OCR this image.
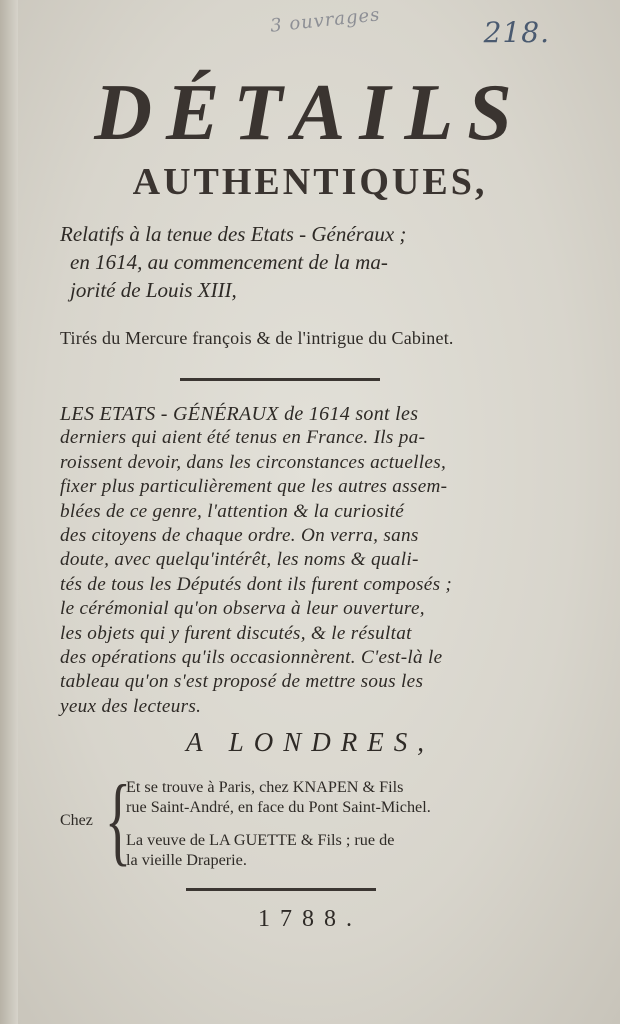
3 ouvrages	218.
DÉTAILS
AUTHENTIQUES,
Relatifs à la tenue des Etats - Généraux ;
en 1614, au commencement de la ma-
jorité de Louis XIII,
Tirés du Mercure françois & de l'intrigue du Cabinet.
LES ETATS - GÉNÉRAUX de 1614 sont les
derniers qui aient été tenus en France. Ils pa-
roissent devoir, dans les circonstances actuelles,
fixer plus particulièrement que les autres assem-
blées de ce genre, l'attention & la curiosité
des citoyens de chaque ordre. On verra, sans
doute, avec quelqu'intérêt, les noms & quali-
tés de tous les Députés dont ils furent composés ;
le cérémonial qu'on observa à leur ouverture,
les objets qui y furent discutés, & le résultat
des opérations qu'ils occasionnèrent. C'est-là le
tableau qu'on s'est proposé de mettre sous les
yeux des lecteurs.
A LONDRES,
Chez {
Et se trouve à Paris, chez KNAPEN & Fils
rue Saint-André, en face du Pont Saint-Michel.
La veuve de LA GUETTE & Fils ; rue de
la vieille Draperie.
1788.
